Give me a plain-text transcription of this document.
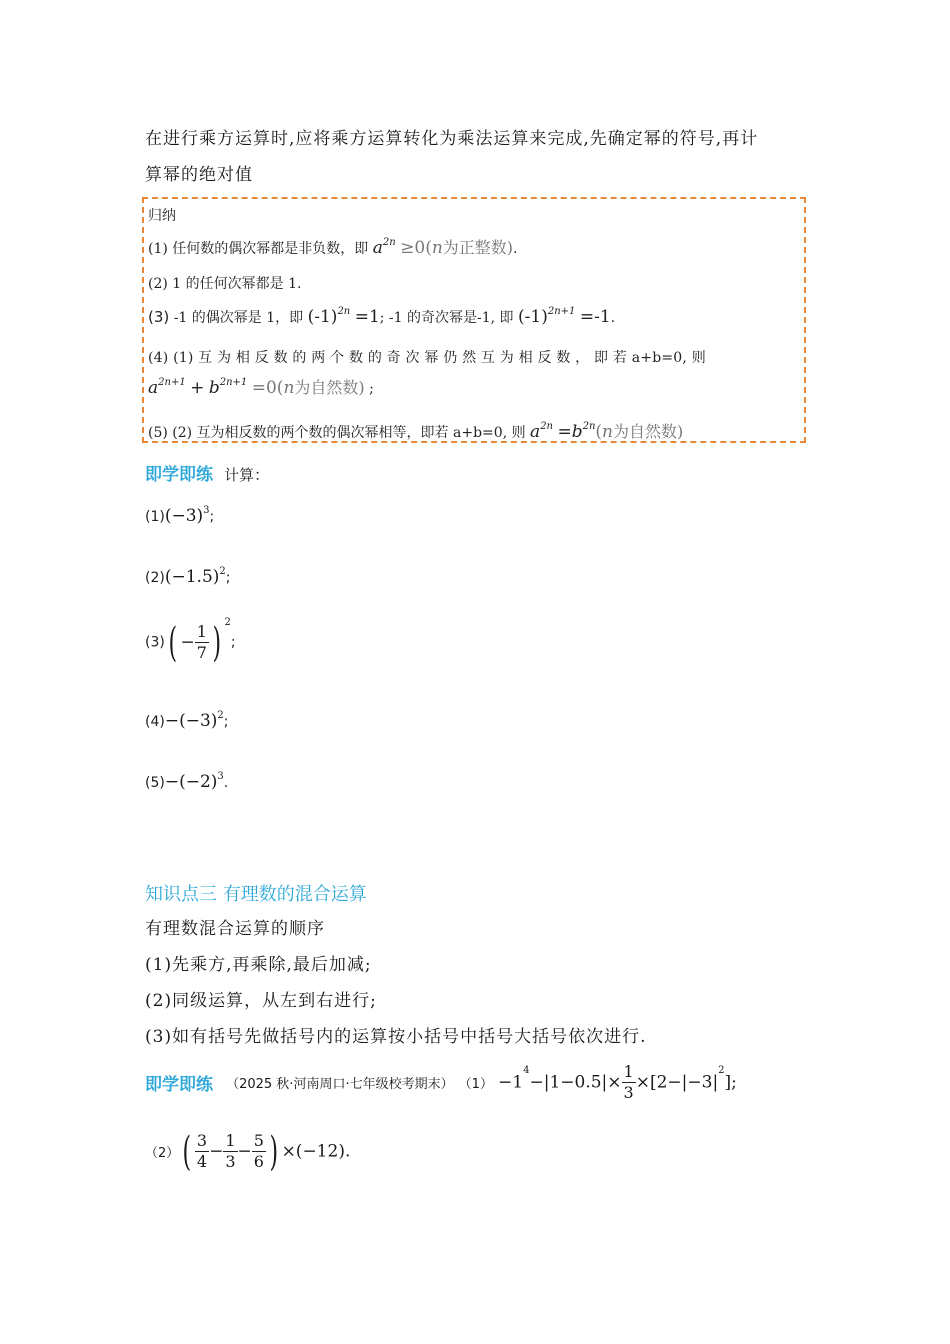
在进行乘方运算时,应将乘方运算转化为乘法运算来完成,先确定幂的符号,再计
算幂的绝对值
归纳
(1) 任何数的偶次幂都是非负数，即 $a^{2n} \ge 0(n$为正整数).
(2) 1 的任何次幂都是 1.
(3) -1 的偶次幂是 1，即 $(-1)^{2n} =1$; -1 的奇次幂是-1, 即 $(-1)^{2n+1} =-1$.
(4) (1) 互 为 相 反 数 的 两 个 数 的 奇 次 幂 仍 然 互 为 相 反 数 ， 即 若 a+b=0, 则
$a^{2n+1} + b^{2n+1} =0(n$为自然数) ;
(5) (2) 互为相反数的两个数的偶次幂相等，即若 a+b=0, 则 $a^{2n} =b^{2n}(n$为自然数)
即学即练 计算：
$(1)(-3)^3$;
$(2)(-1.5)^2$;
$(3)( - \frac{1}{7}$ ) $^2$;
$(4)-(-3)^2$;
$(5)-(-2)^3$.
知识点三 有理数的混合运算
有理数混合运算的顺序
(1)先乘方,再乘除,最后加减;
(2)同级运算，从左到右进行;
(3)如有括号先做括号内的运算按小括号中括号大括号依次进行.
即学即练 （2025 秋·河南周口·七年级校考期末） $(1) -1^4-|1-0.5|\times \frac{1}{3} \times[2-|-3|^2]$;
$(2)( \frac{3}{4} - \frac{1}{3} - \frac{5}{6}$ ) ×(−12).
